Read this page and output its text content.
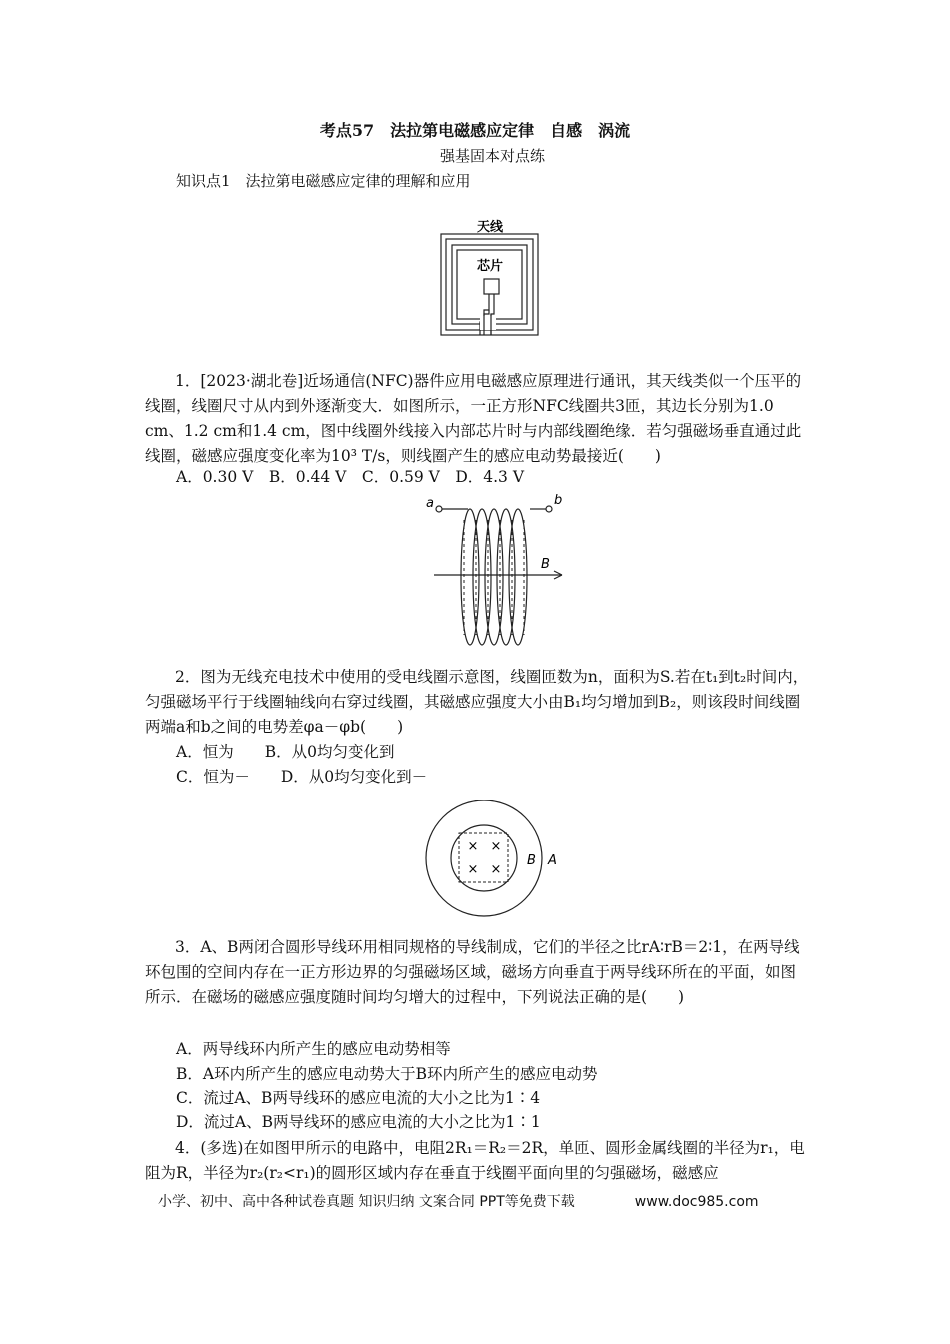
考点57　法拉第电磁感应定律　自感　涡流
强基固本对点练
知识点1　法拉第电磁感应定律的理解和应用
天线
芯片
1．[2023·湖北卷]近场通信(NFC)器件应用电磁感应原理进行通讯，其天线类似一个压平的线圈，线圈尺寸从内到外逐渐变大．如图所示，一正方形NFC线圈共3匝，其边长分别为1.0 cm、1.2 cm和1.4 cm，图中线圈外线接入内部芯片时与内部线圈绝缘．若匀强磁场垂直通过此线圈，磁感应强度变化率为10³ T/s，则线圈产生的感应电动势最接近(　　)
A．0.30 V　B．0.44 V　C．0.59 V　D．4.3 V
a	b
B
2．图为无线充电技术中使用的受电线圈示意图，线圈匝数为n，面积为S.若在t₁到t₂时间内，匀强磁场平行于线圈轴线向右穿过线圈，其磁感应强度大小由B₁均匀增加到B₂，则该段时间线圈两端a和b之间的电势差φa－φb(　　)
A．恒为　　B．从0均匀变化到
C．恒为－　　D．从0均匀变化到－
× ×
× ×
B A
3．A、B两闭合圆形导线环用相同规格的导线制成，它们的半径之比rA∶rB＝2∶1，在两导线环包围的空间内存在一正方形边界的匀强磁场区域，磁场方向垂直于两导线环所在的平面，如图所示．在磁场的磁感应强度随时间均匀增大的过程中，下列说法正确的是(　　)
A．两导线环内所产生的感应电动势相等
B．A环内所产生的感应电动势大于B环内所产生的感应电动势
C．流过A、B两导线环的感应电流的大小之比为1∶4
D．流过A、B两导线环的感应电流的大小之比为1∶1
4．(多选)在如图甲所示的电路中，电阻2R₁＝R₂＝2R，单匝、圆形金属线圈的半径为r₁，电阻为R，半径为r₂(r₂<r₁)的圆形区域内存在垂直于线圈平面向里的匀强磁场，磁感应
小学、初中、高中各种试卷真题 知识归纳 文案合同 PPT等免费下载	www.doc985.com
